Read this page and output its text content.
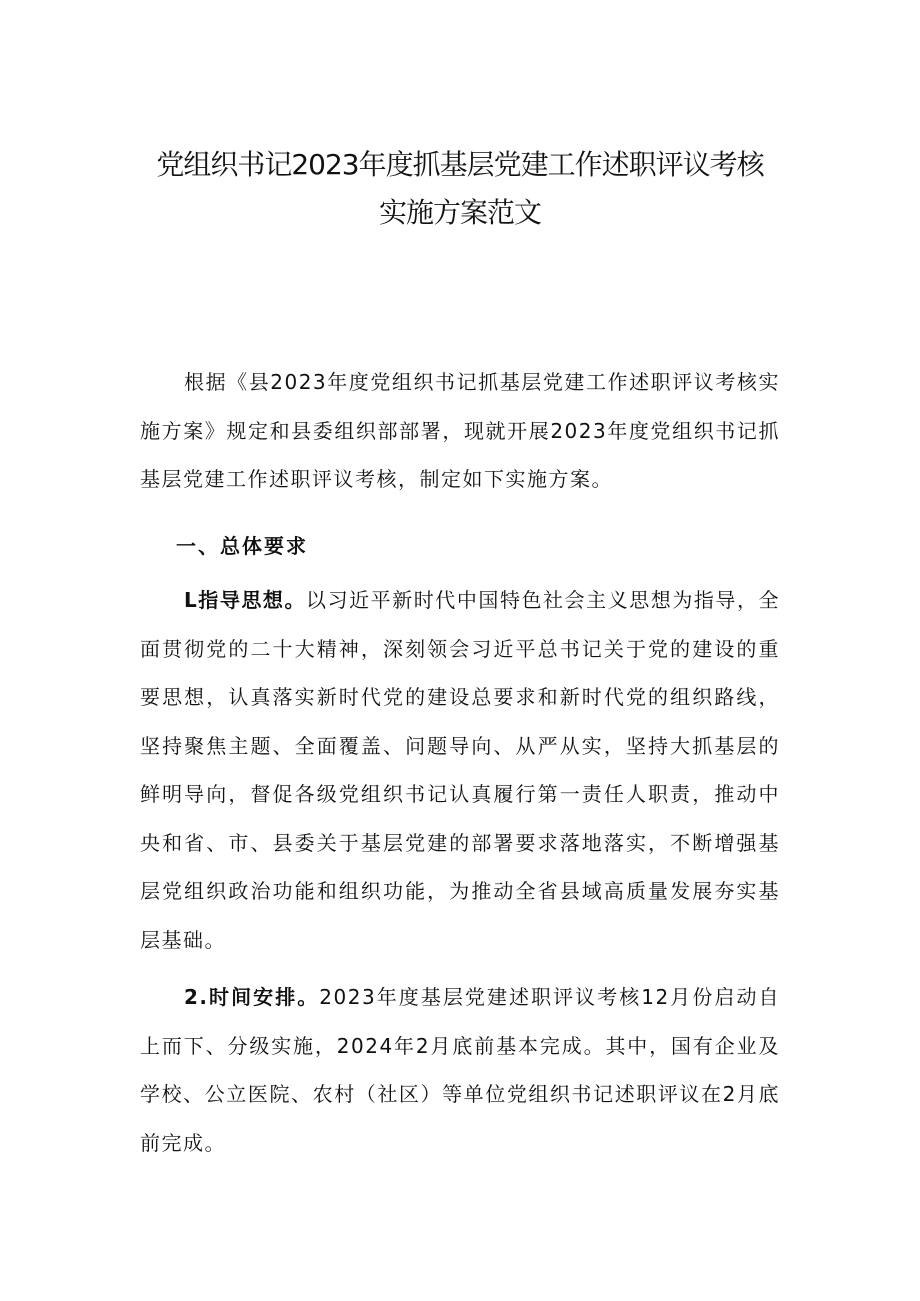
党组织书记2023年度抓基层党建工作述职评议考核
实施方案范文

根据《县2023年度党组织书记抓基层党建工作述职评议考核实施方案》规定和县委组织部部署，现就开展2023年度党组织书记抓基层党建工作述职评议考核，制定如下实施方案。

一、总体要求

L指导思想。以习近平新时代中国特色社会主义思想为指导，全面贯彻党的二十大精神，深刻领会习近平总书记关于党的建设的重要思想，认真落实新时代党的建设总要求和新时代党的组织路线，坚持聚焦主题、全面覆盖、问题导向、从严从实，坚持大抓基层的鲜明导向，督促各级党组织书记认真履行第一责任人职责，推动中央和省、市、县委关于基层党建的部署要求落地落实，不断增强基层党组织政治功能和组织功能，为推动全省县域高质量发展夯实基层基础。

2.时间安排。2023年度基层党建述职评议考核12月份启动自上而下、分级实施，2024年2月底前基本完成。其中，国有企业及学校、公立医院、农村（社区）等单位党组织书记述职评议在2月底前完成。
